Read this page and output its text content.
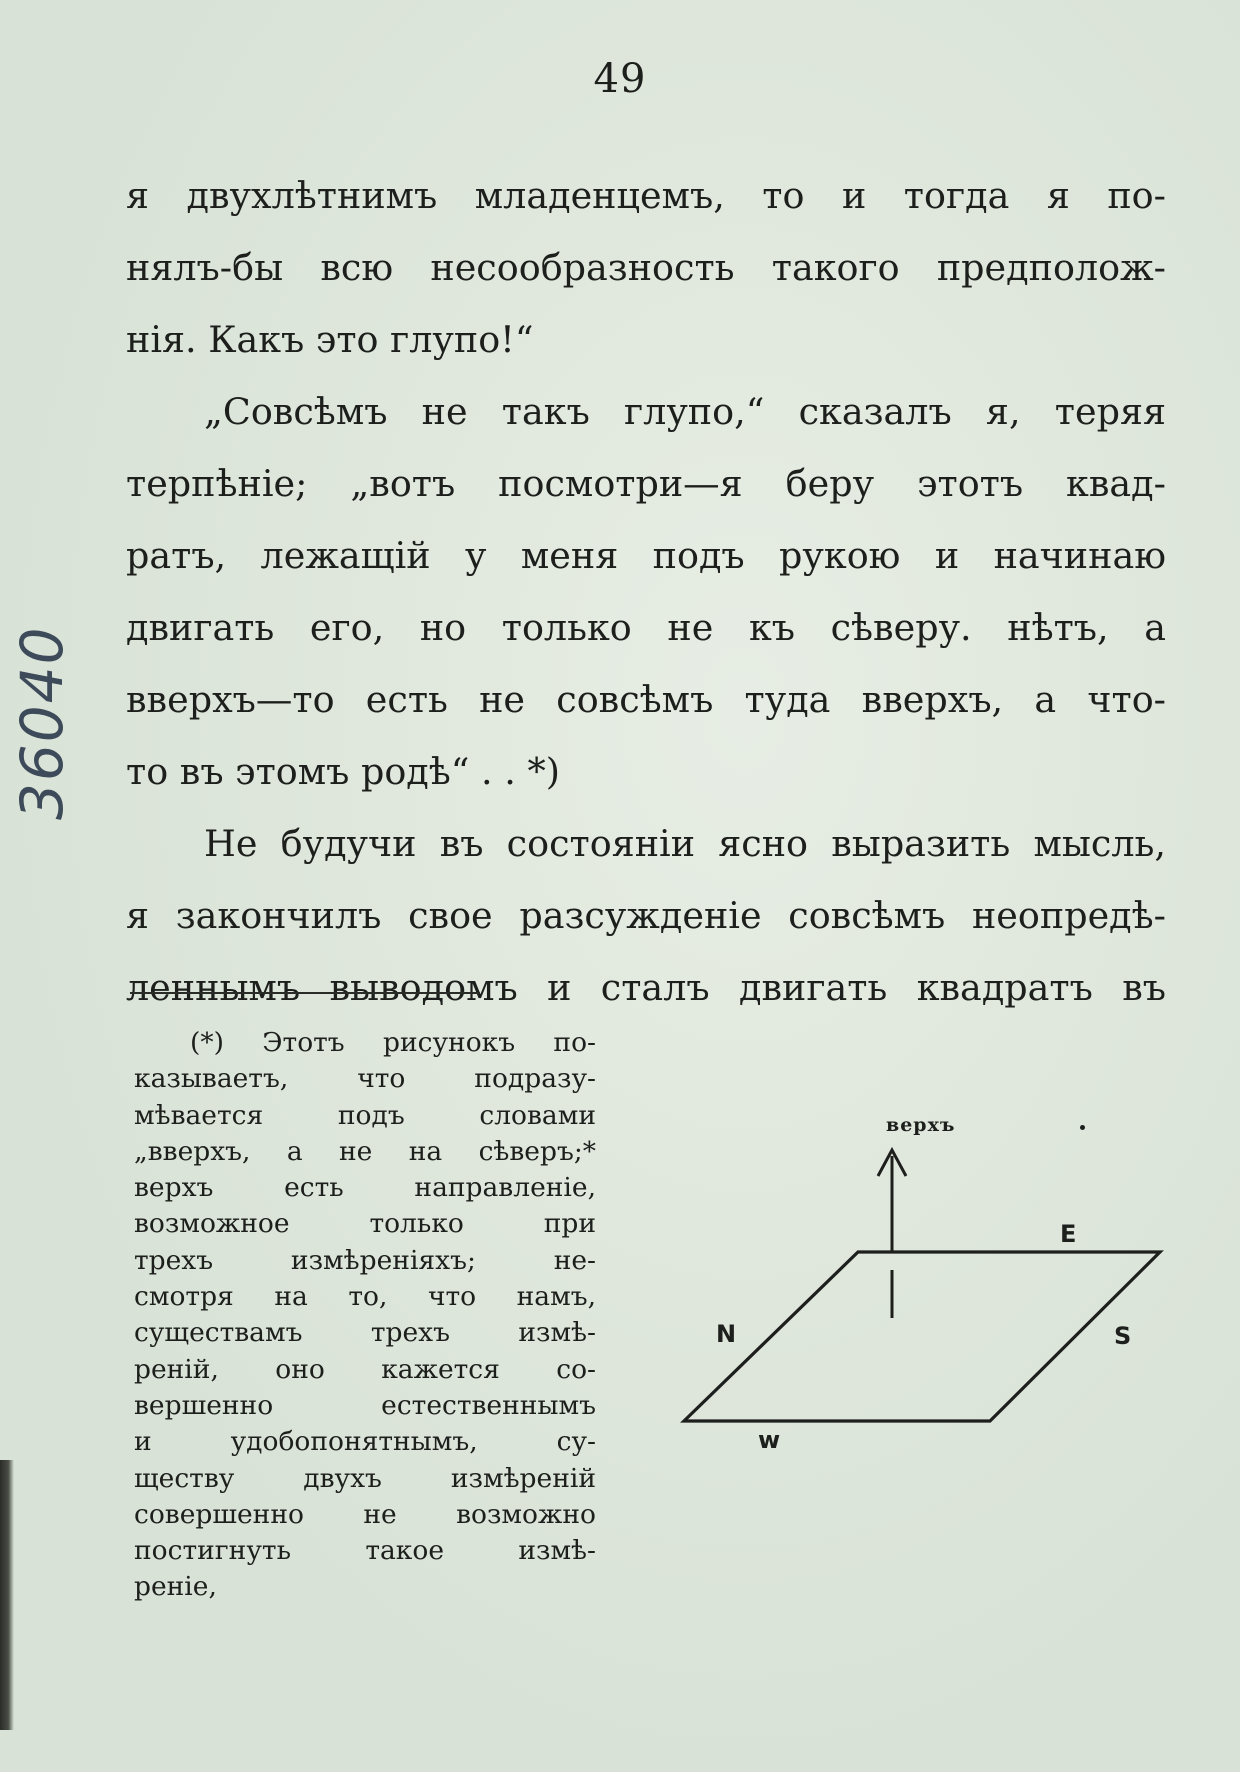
49
я двухлѣтнимъ младенцемъ, то и тогда я по-
нялъ-бы всю несообразность такого предполож-
нія. Какъ это глупо!“
„Совсѣмъ не такъ глупо,“ сказалъ я, теряя
терпѣніе; „вотъ посмотри—я беру этотъ квад-
ратъ, лежащій у меня подъ рукою и начинаю
двигать его, но только не къ сѣверу. нѣтъ, а
вверхъ—то есть не совсѣмъ туда вверхъ, а что-
то въ этомъ родѣ“ . . *)
Не будучи въ состояніи ясно выразить мысль,
я закончилъ свое разсужденіе совсѣмъ неопредѣ-
леннымъ выводомъ и сталъ двигать квадратъ въ
36040
(*) Этотъ рисунокъ по-
казываетъ, что подразу-
мѣвается подъ словами
„вверхъ, а не на сѣверъ;*
верхъ есть направленіе,
возможное только при
трехъ измѣреніяхъ; не-
смотря на то, что намъ,
существамъ трехъ измѣ-
реній, оно кажется со-
вершенно естественнымъ
и удобопонятнымъ, су-
ществу двухъ измѣреній
совершенно не возможно
постигнуть такое измѣ-
реніе,
верхъ
N
E
S
w
